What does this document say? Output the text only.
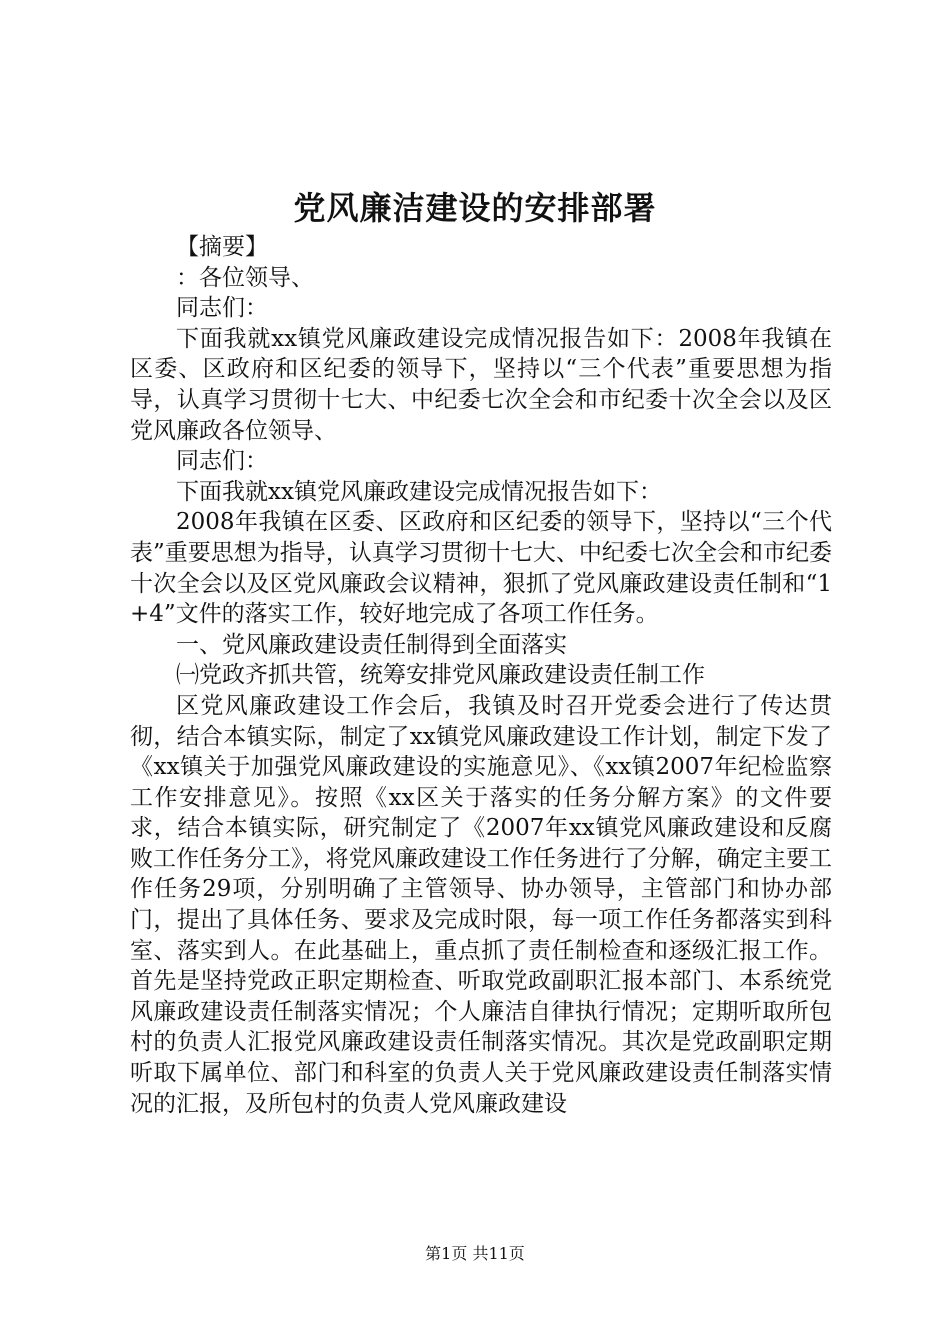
党风廉洁建设的安排部署

【摘要】

：各位领导、

同志们：

下面我就xx镇党风廉政建设完成情况报告如下：2008年我镇在区委、区政府和区纪委的领导下，坚持以“三个代表”重要思想为指导，认真学习贯彻十七大、中纪委七次全会和市纪委十次全会以及区党风廉政各位领导、

同志们：

下面我就xx镇党风廉政建设完成情况报告如下：

2008年我镇在区委、区政府和区纪委的领导下，坚持以“三个代表”重要思想为指导，认真学习贯彻十七大、中纪委七次全会和市纪委十次全会以及区党风廉政会议精神，狠抓了党风廉政建设责任制和“1+4”文件的落实工作，较好地完成了各项工作任务。

一、党风廉政建设责任制得到全面落实

㈠党政齐抓共管，统筹安排党风廉政建设责任制工作

区党风廉政建设工作会后，我镇及时召开党委会进行了传达贯彻，结合本镇实际，制定了xx镇党风廉政建设工作计划，制定下发了《xx镇关于加强党风廉政建设的实施意见》、《xx镇2007年纪检监察工作安排意见》。按照《xx区关于落实的任务分解方案》的文件要求，结合本镇实际，研究制定了《2007年xx镇党风廉政建设和反腐败工作任务分工》，将党风廉政建设工作任务进行了分解，确定主要工作任务29项，分别明确了主管领导、协办领导，主管部门和协办部门，提出了具体任务、要求及完成时限，每一项工作任务都落实到科室、落实到人。在此基础上，重点抓了责任制检查和逐级汇报工作。首先是坚持党政正职定期检查、听取党政副职汇报本部门、本系统党风廉政建设责任制落实情况；个人廉洁自律执行情况；定期听取所包村的负责人汇报党风廉政建设责任制落实情况。其次是党政副职定期听取下属单位、部门和科室的负责人关于党风廉政建设责任制落实情况的汇报，及所包村的负责人党风廉政建设

第1页 共11页
